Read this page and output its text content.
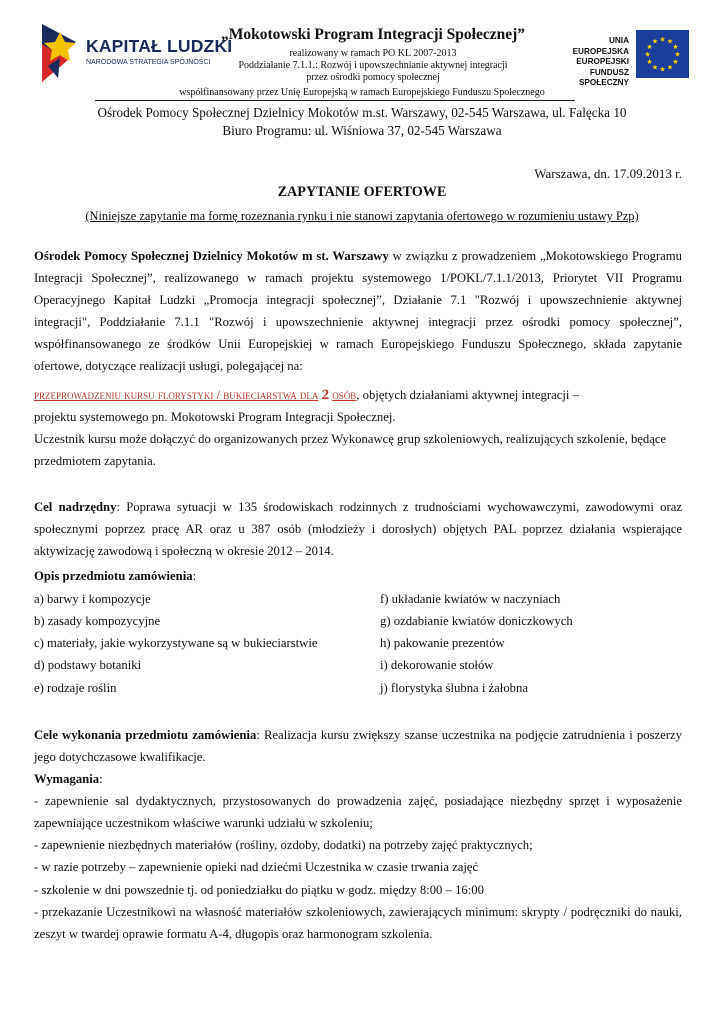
KAPITAŁ LUDZKI
NARODOWA STRATEGIA SPÓJNOŚCI
„Mokotowski Program Integracji Społecznej”
realizowany w ramach PO KL 2007-2013
Poddziałanie 7.1.1.: Rozwój i upowszechnianie aktywnej integracji
przez ośrodki pomocy społecznej
współfinansowany przez Unię Europejską w ramach Europejskiego Funduszu Społecznego
UNIA EUROPEJSKA
EUROPEJSKI
FUNDUSZ SPOŁECZNY
★ ★
★
★
★
★
★
★
★
★
★
★
Ośrodek Pomocy Społecznej Dzielnicy Mokotów m.st. Warszawy, 02-545 Warszawa, ul. Falęcka 10
Biuro Programu: ul. Wiśniowa 37, 02-545 Warszawa
Warszawa, dn. 17.09.2013 r.
ZAPYTANIE OFERTOWE
(Niniejsze zapytanie ma formę rozeznania rynku i nie stanowi zapytania ofertowego w rozumieniu ustawy Pzp)
Ośrodek Pomocy Społecznej Dzielnicy Mokotów m st. Warszawy w związku z prowadzeniem „Mokotowskiego Programu Integracji Społecznej”, realizowanego w ramach projektu systemowego 1/POKL/7.1.1/2013, Priorytet VII Programu Operacyjnego Kapitał Ludzki „Promocja integracji społecznej”, Działanie 7.1 "Rozwój i upowszechnienie aktywnej integracji", Poddziałanie 7.1.1 "Rozwój i upowszechnienie aktywnej integracji przez ośrodki pomocy społecznej”, współfinansowanego ze środków Unii Europejskiej w ramach Europejskiego Funduszu Społecznego, składa zapytanie ofertowe, dotyczące realizacji usługi, polegającej na:
przeprowadzeniu kursu florystyki / bukieciarstwa dla 2 osób, objętych działaniami aktywnej integracji –
projektu systemowego pn. Mokotowski Program Integracji Społecznej.
Uczestnik kursu może dołączyć do organizowanych przez Wykonawcę grup szkoleniowych, realizujących szkolenie, będące
przedmiotem zapytania.
Cel nadrzędny: Poprawa sytuacji w 135 środowiskach rodzinnych z trudnościami wychowawczymi, zawodowymi oraz społecznymi poprzez pracę AR oraz u 387 osób (młodzieży i dorosłych) objętych PAL poprzez działania wspierające aktywizację zawodową i społeczną w okresie 2012 – 2014.
Opis przedmiotu zamówienia:
a) barwy i kompozycje
b) zasady kompozycyjne
c) materiały, jakie wykorzystywane są w bukieciarstwie
d) podstawy botaniki
e) rodzaje roślin
f) układanie kwiatów w naczyniach
g) ozdabianie kwiatów doniczkowych
h) pakowanie prezentów
i) dekorowanie stołów
j) florystyka ślubna i żałobna
Cele wykonania przedmiotu zamówienia: Realizacja kursu zwiększy szanse uczestnika na podjęcie zatrudnienia i poszerzy jego dotychczasowe kwalifikacje.
Wymagania:
- zapewnienie sal dydaktycznych, przystosowanych do prowadzenia zajęć, posiadające niezbędny sprzęt i wyposażenie zapewniające uczestnikom właściwe warunki udziału w szkoleniu;
- zapewnienie niezbędnych materiałów (rośliny, ozdoby, dodatki) na potrzeby zajęć praktycznych;
- w razie potrzeby – zapewnienie opieki nad dziećmi Uczestnika w czasie trwania zajęć
- szkolenie w dni powszednie tj. od poniedziałku do piątku w godz. między 8:00 – 16:00
- przekazanie Uczestnikowi na własność materiałów szkoleniowych, zawierających minimum: skrypty / podręczniki do nauki, zeszyt w twardej oprawie formatu A-4, długopis oraz harmonogram szkolenia.
